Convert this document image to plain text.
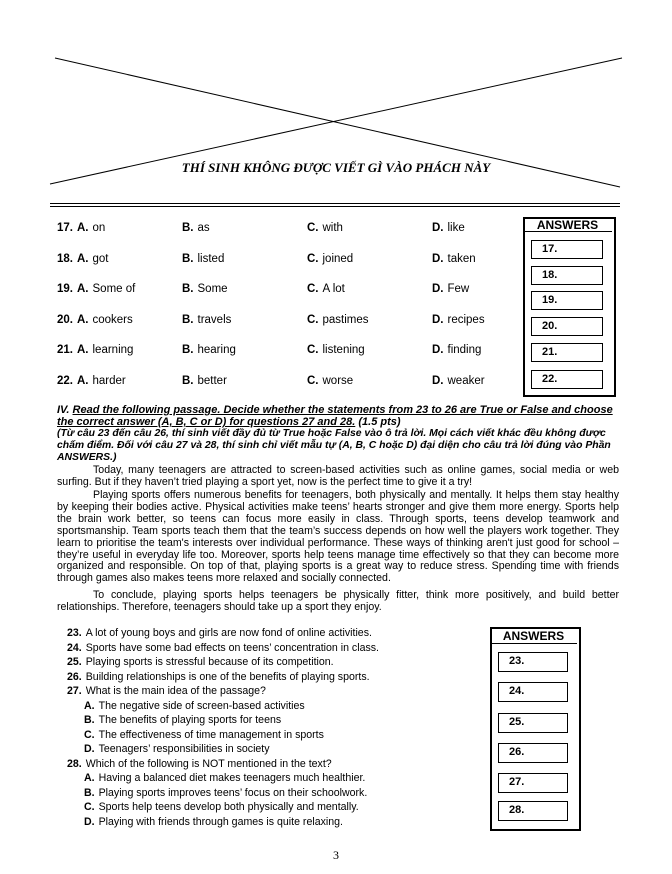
THÍ SINH KHÔNG ĐƯỢC VIẾT GÌ VÀO PHÁCH NÀY
17. A. on	B. as	C. with	D. like
18. A. got	B. listed	C. joined	D. taken
19. A. Some of	B. Some	C. A lot	D. Few
20. A. cookers	B. travels	C. pastimes	D. recipes
21. A. learning	B. hearing	C. listening	D. finding
22. A. harder	B. better	C. worse	D. weaker
ANSWERS
17.
18.
19.
20.
21.
22.
IV. Read the following passage. Decide whether the statements from 23 to 26 are True or False and choose
the correct answer (A, B, C or D) for questions 27 and 28. (1.5 pts)
(Từ câu 23 đến câu 26, thí sinh viết đầy đủ từ True hoặc False vào ô trả lời. Mọi cách viết khác đều không được
chấm điểm. Đối với câu 27 và 28, thí sinh chỉ viết mẫu tự (A, B, C hoặc D) đại diện cho câu trả lời đúng vào Phần
ANSWERS.)
Today, many teenagers are attracted to screen-based activities such as online games, social media or web surfing. But if they haven’t tried playing a sport yet, now is the perfect time to give it a try!
Playing sports offers numerous benefits for teenagers, both physically and mentally. It helps them stay healthy by keeping their bodies active. Physical activities make teens’ hearts stronger and give them more energy. Sports help the brain work better, so teens can focus more easily in class. Through sports, teens develop teamwork and sportsmanship. Team sports teach them that the team’s success depends on how well the players work together. They learn to prioritise the team's interests over individual performance. These ways of thinking aren't just good for school – they’re useful in everyday life too. Moreover, sports help teens manage time effectively so that they can become more organized and responsible. On top of that, playing sports is a great way to reduce stress. Spending time with friends through games also makes teens more relaxed and socially connected.
To conclude, playing sports helps teenagers be physically fitter, think more positively, and build better relationships. Therefore, teenagers should take up a sport they enjoy.
23. A lot of young boys and girls are now fond of online activities.
24. Sports have some bad effects on teens’ concentration in class.
25. Playing sports is stressful because of its competition.
26. Building relationships is one of the benefits of playing sports.
27. What is the main idea of the passage?
A. The negative side of screen-based activities
B. The benefits of playing sports for teens
C. The effectiveness of time management in sports
D. Teenagers’ responsibilities in society
28. Which of the following is NOT mentioned in the text?
A. Having a balanced diet makes teenagers much healthier.
B. Playing sports improves teens’ focus on their schoolwork.
C. Sports help teens develop both physically and mentally.
D. Playing with friends through games is quite relaxing.
ANSWERS
23.
24.
25.
26.
27.
28.
3
